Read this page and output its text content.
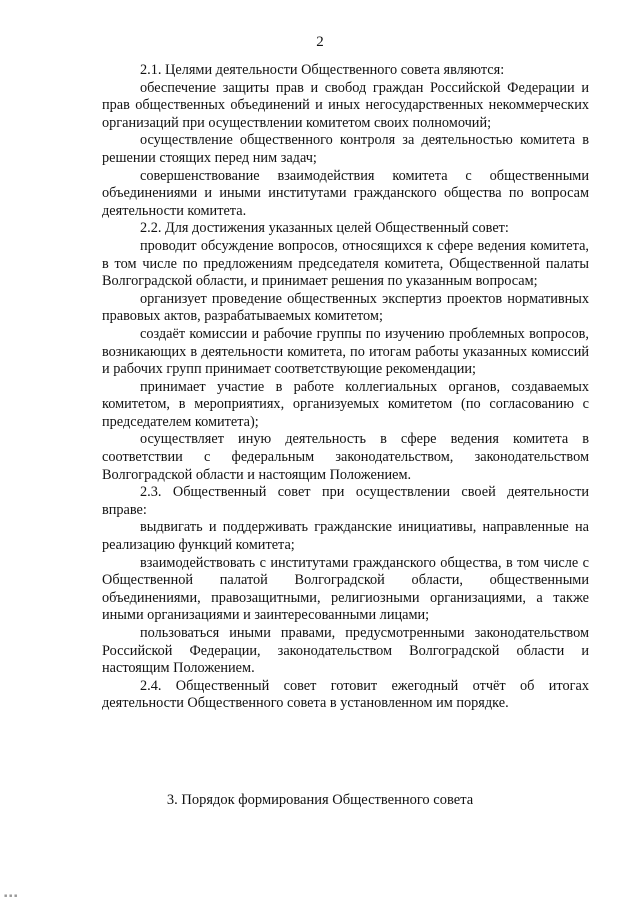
2

2.1. Целями деятельности Общественного совета являются:

обеспечение защиты прав и свобод граждан Российской Федерации и прав общественных объединений и иных негосударственных некоммерческих организаций при осуществлении комитетом своих полномочий;

осуществление общественного контроля за деятельностью комитета в решении стоящих перед ним задач;

совершенствование взаимодействия комитета с общественными объединениями и иными институтами гражданского общества по вопросам деятельности комитета.

2.2. Для достижения указанных целей Общественный совет:

проводит обсуждение вопросов, относящихся к сфере ведения комитета, в том числе по предложениям председателя комитета, Общественной палаты Волгоградской области, и принимает решения по указанным вопросам;

организует проведение общественных экспертиз проектов нормативных правовых актов, разрабатываемых комитетом;

создаёт комиссии и рабочие группы по изучению проблемных вопросов, возникающих в деятельности комитета, по итогам работы указанных комиссий и рабочих групп принимает соответствующие рекомендации;

принимает участие в работе коллегиальных органов, создаваемых комитетом, в мероприятиях, организуемых комитетом (по согласованию с председателем комитета);

осуществляет иную деятельность в сфере ведения комитета в соответствии с федеральным законодательством, законодательством Волгоградской области и настоящим Положением.

2.3. Общественный совет при осуществлении своей деятельности вправе:

выдвигать и поддерживать гражданские инициативы, направленные на реализацию функций комитета;

взаимодействовать с институтами гражданского общества, в том числе с Общественной палатой Волгоградской области, общественными объединениями, правозащитными, религиозными организациями, а также иными организациями и заинтересованными лицами;

пользоваться иными правами, предусмотренными законодательством Российской Федерации, законодательством Волгоградской области и настоящим Положением.

2.4. Общественный совет готовит ежегодный отчёт об итогах деятельности Общественного совета в установленном им порядке.

3. Порядок формирования Общественного совета
▪ ▪ ▪
